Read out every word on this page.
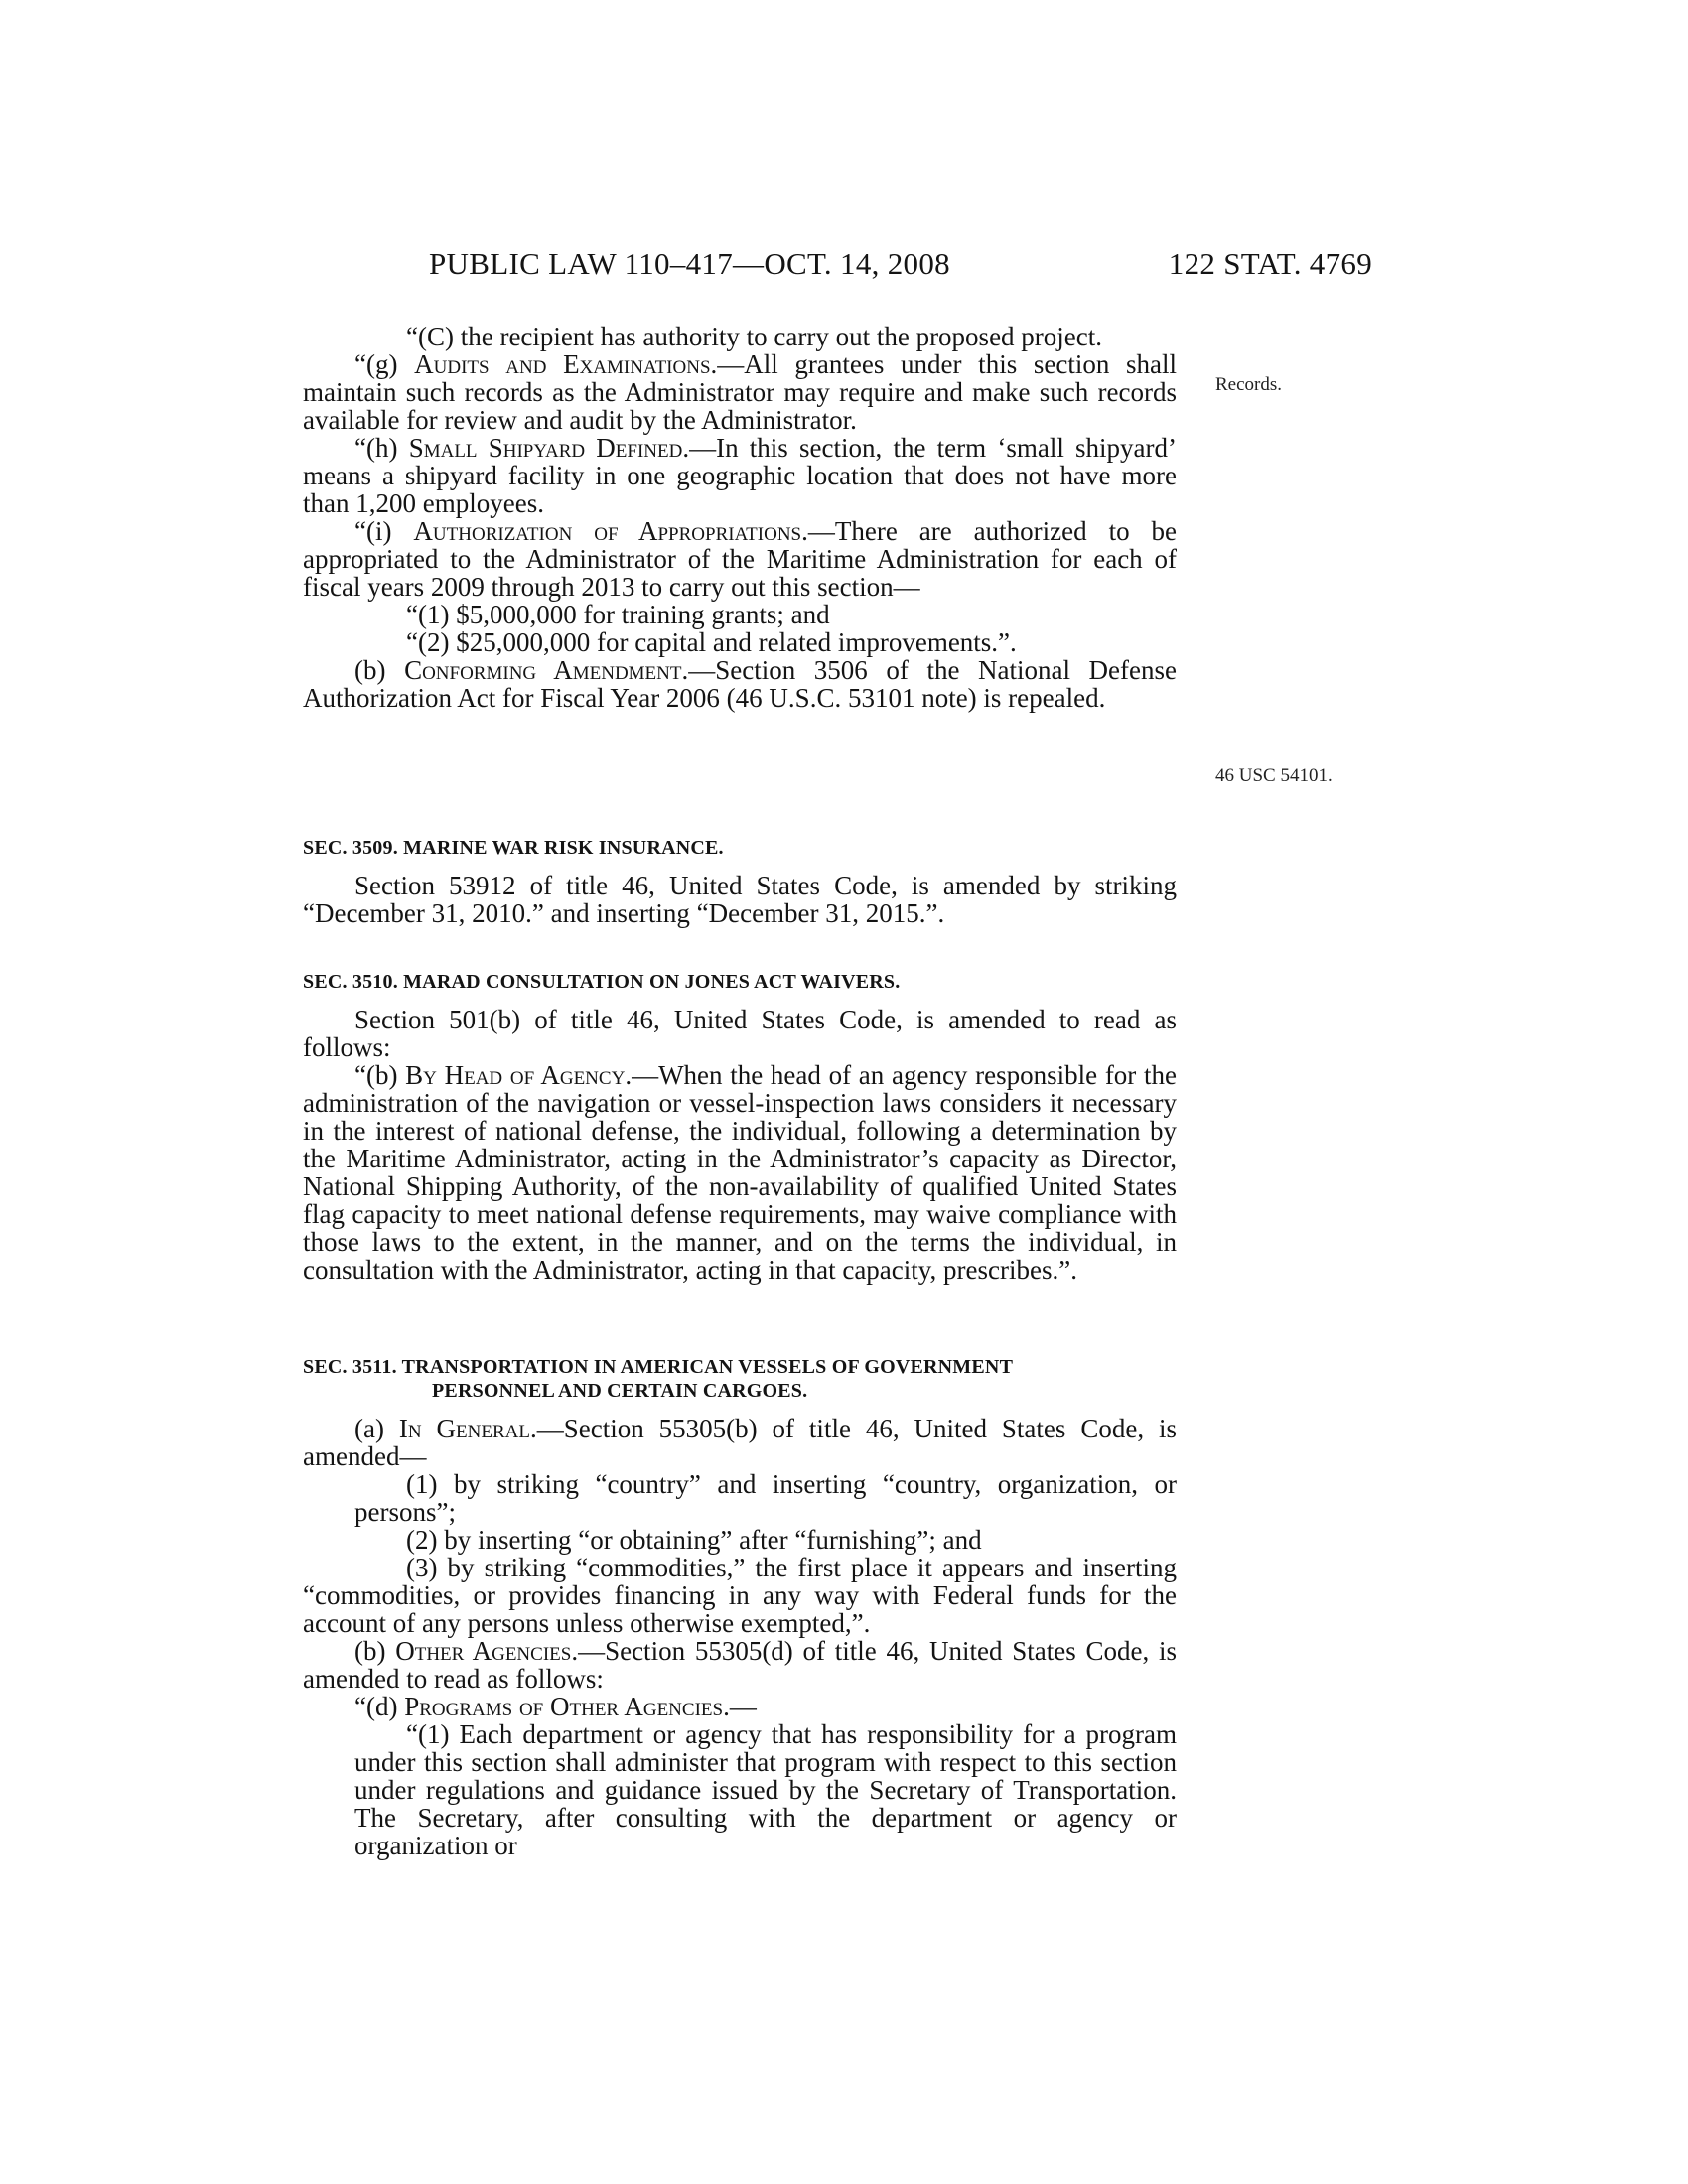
PUBLIC LAW 110–417—OCT. 14, 2008	122 STAT. 4769
Records.
46 USC 54101.

“(C) the recipient has authority to carry out the proposed project.

“(g) Audits and Examinations.—All grantees under this section shall maintain such records as the Administrator may require and make such records available for review and audit by the Administrator.

“(h) Small Shipyard Defined.—In this section, the term ‘small shipyard’ means a shipyard facility in one geographic location that does not have more than 1,200 employees.

“(i) Authorization of Appropriations.—There are authorized to be appropriated to the Administrator of the Maritime Administration for each of fiscal years 2009 through 2013 to carry out this section—

“(1) $5,000,000 for training grants; and

“(2) $25,000,000 for capital and related improvements.”.

(b) Conforming Amendment.—Section 3506 of the National Defense Authorization Act for Fiscal Year 2006 (46 U.S.C. 53101 note) is repealed.

SEC. 3509. MARINE WAR RISK INSURANCE.

Section 53912 of title 46, United States Code, is amended by striking “December 31, 2010.” and inserting “December 31, 2015.”.

SEC. 3510. MARAD CONSULTATION ON JONES ACT WAIVERS.

Section 501(b) of title 46, United States Code, is amended to read as follows:

“(b) By Head of Agency.—When the head of an agency responsible for the administration of the navigation or vessel-inspection laws considers it necessary in the interest of national defense, the individual, following a determination by the Maritime Administrator, acting in the Administrator’s capacity as Director, National Shipping Authority, of the non-availability of qualified United States flag capacity to meet national defense requirements, may waive compliance with those laws to the extent, in the manner, and on the terms the individual, in consultation with the Administrator, acting in that capacity, prescribes.”.

SEC. 3511. TRANSPORTATION IN AMERICAN VESSELS OF GOVERNMENT
PERSONNEL AND CERTAIN CARGOES.

(a) In General.—Section 55305(b) of title 46, United States Code, is amended—

(1) by striking “country” and inserting “country, organization, or persons”;

(2) by inserting “or obtaining” after “furnishing”; and

(3) by striking “commodities,” the first place it appears and inserting “commodities, or provides financing in any way with Federal funds for the account of any persons unless otherwise exempted,”.

(b) Other Agencies.—Section 55305(d) of title 46, United States Code, is amended to read as follows:

“(d) Programs of Other Agencies.—

“(1) Each department or agency that has responsibility for a program under this section shall administer that program with respect to this section under regulations and guidance issued by the Secretary of Transportation. The Secretary, after consulting with the department or agency or organization or
